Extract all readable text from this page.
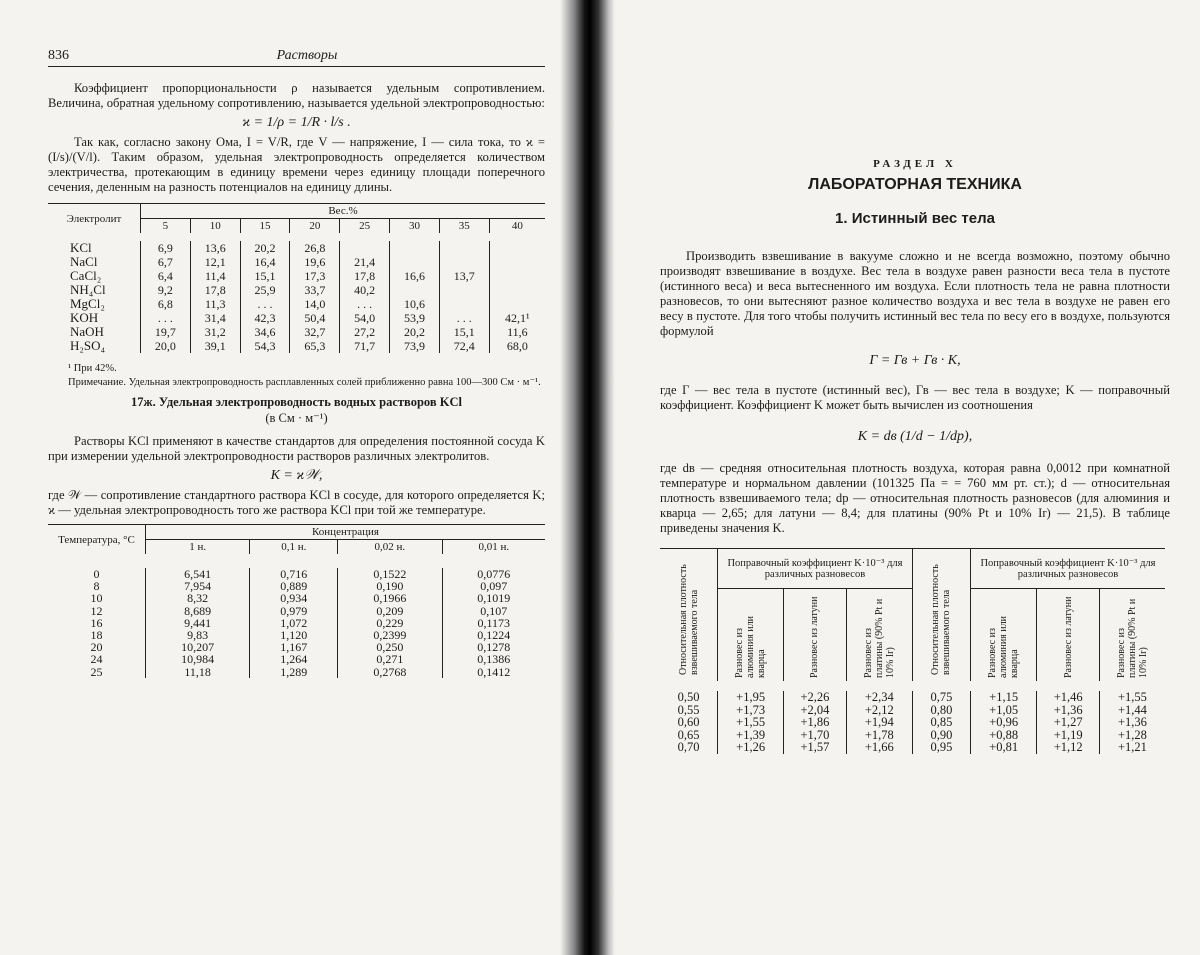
836	Растворы

Коэффициент пропорциональности ρ называется удельным сопротивлением. Величина, обратная удельному сопротивлению, называется удельной электропроводностью:

ϰ = 1/ρ = 1/R · l/s .

Так как, согласно закону Ома, I = V/R, где V — напряжение, I — сила тока, то ϰ = (I/s)/(V/l). Таким образом, удельная электропроводность определяется количеством электричества, протекающим в единицу времени через единицу площади поперечного сечения, деленным на разность потенциалов на единицу длины.

Электролит	Вес.%							
	5	10	15	20	25	30	35	40
KCl	6,9	13,6	20,2	26,8				
NaCl	6,7	12,1	16,4	19,6	21,4			
CaCl₂	6,4	11,4	15,1	17,3	17,8	16,6	13,7	
NH₄Cl	9,2	17,8	25,9	33,7	40,2			
MgCl₂	6,8	11,3	. . .	14,0	. . .	10,6		
KOH	. . .	31,4	42,3	50,4	54,0	53,9	. . .	42,1¹
NaOH	19,7	31,2	34,6	32,7	27,2	20,2	15,1	11,6
H₂SO₄	20,0	39,1	54,3	65,3	71,7	73,9	72,4	68,0

¹ При 42%.

Примечание. Удельная электропроводность расплавленных солей приближенно равна 100—300 См · м⁻¹.

17ж. Удельная электропроводность водных растворов KCl
(в См · м⁻¹)

Растворы KCl применяют в качестве стандартов для определения постоянной сосуда K при измерении удельной электропроводности растворов различных электролитов.

K = ϰ𝒲,

где 𝒲 — сопротивление стандартного раствора KCl в сосуде, для которого определяется K; ϰ — удельная электропроводность того же раствора KCl при той же температуре.

Температура, °C	Концентрация			
	1 н.	0,1 н.	0,02 н.	0,01 н.
0	6,541	0,716	0,1522	0,0776
8	7,954	0,889	0,190	0,097
10	8,32	0,934	0,1966	0,1019
12	8,689	0,979	0,209	0,107
16	9,441	1,072	0,229	0,1173
18	9,83	1,120	0,2399	0,1224
20	10,207	1,167	0,250	0,1278
24	10,984	1,264	0,271	0,1386
25	11,18	1,289	0,2768	0,1412
РАЗДЕЛ X
ЛАБОРАТОРНАЯ ТЕХНИКА
1. Истинный вес тела

Производить взвешивание в вакууме сложно и не всегда возможно, поэтому обычно производят взвешивание в воздухе. Вес тела в воздухе равен разности веса тела в пустоте (истинного веса) и веса вытесненного им воздуха. Если плотность тела не равна плотности разновесов, то они вытесняют разное количество воздуха и вес тела в воздухе не равен его весу в пустоте. Для того чтобы получить истинный вес тела по весу его в воздухе, пользуются формулой

Г = Гв + Гв · K,

где Г — вес тела в пустоте (истинный вес), Гв — вес тела в воздухе; K — поправочный коэффициент. Коэффициент K может быть вычислен из соотношения

K = dв (1/d − 1/dр),

где dв — средняя относительная плотность воздуха, которая равна 0,0012 при комнатной температуре и нормальном давлении (101325 Па = = 760 мм рт. ст.); d — относительная плотность взвешиваемого тела; dр — относительная плотность разновесов (для алюминия и кварца — 2,65; для латуни — 8,4; для платины (90% Pt и 10% Ir) — 21,5). В таблице приведены значения K.

Относительная плотность взвешиваемого тела	Поправочный коэффициент K·10⁻³ для различных разновесов			Относительная плотность взвешиваемого тела	Поправочный коэффициент K·10⁻³ для различных разновесов		

	Разновес из алюминия или кварца	Разновес из латуни	Разновес из платины (90% Pt и 10% Ir)		Разновес из алюминия или кварца	Разновес из латуни	Разновес из платины (90% Pt и 10% Ir)

0,50	+1,95	+2,26	+2,34	0,75	+1,15	+1,46	+1,55
0,55	+1,73	+2,04	+2,12	0,80	+1,05	+1,36	+1,44
0,60	+1,55	+1,86	+1,94	0,85	+0,96	+1,27	+1,36
0,65	+1,39	+1,70	+1,78	0,90	+0,88	+1,19	+1,28
0,70	+1,26	+1,57	+1,66	0,95	+0,81	+1,12	+1,21
